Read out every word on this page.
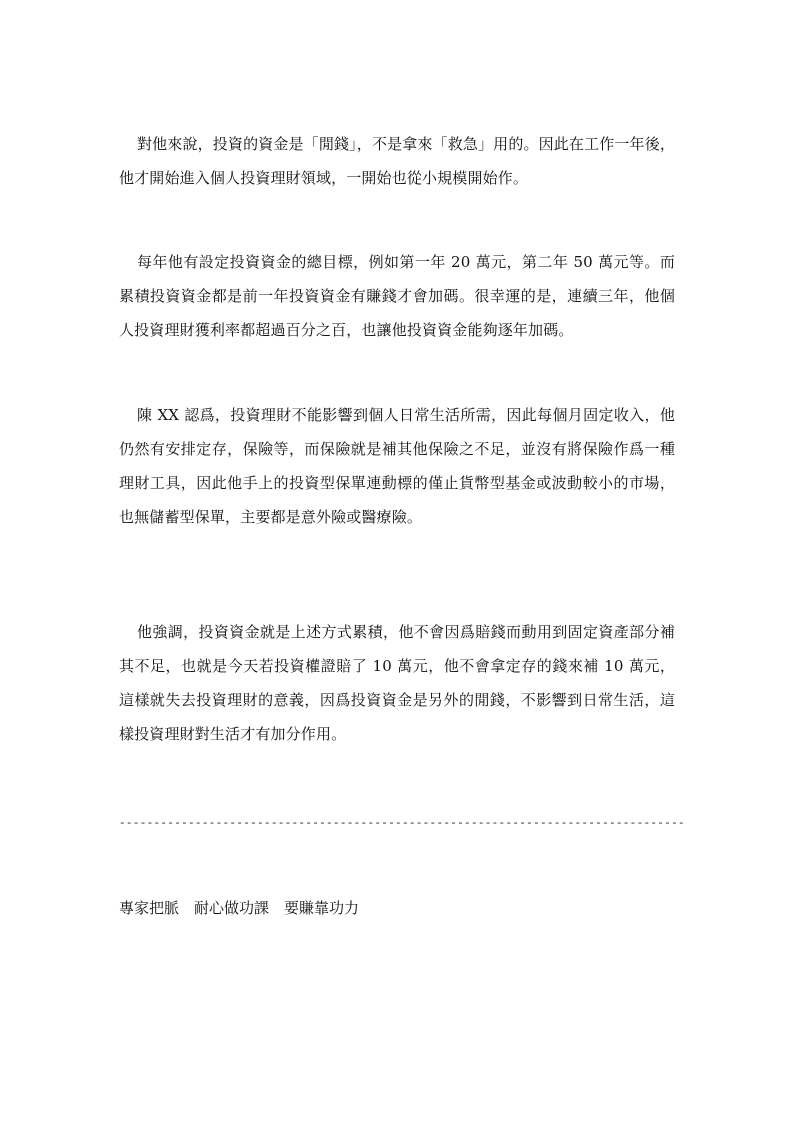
對他來說，投資的資金是「閒錢」，不是拿來「救急」用的。因此在工作一年後，他才開始進入個人投資理財領域，一開始也從小規模開始作。

每年他有設定投資資金的總目標，例如第一年 20 萬元，第二年 50 萬元等。而累積投資資金都是前一年投資資金有賺錢才會加碼。很幸運的是，連續三年，他個人投資理財獲利率都超過百分之百，也讓他投資資金能夠逐年加碼。

陳 XX 認爲，投資理財不能影響到個人日常生活所需，因此每個月固定收入，他仍然有安排定存，保險等，而保險就是補其他保險之不足，並沒有將保險作爲一種理財工具，因此他手上的投資型保單連動標的僅止貨幣型基金或波動較小的市場，也無儲蓄型保單，主要都是意外險或醫療險。

他強調，投資資金就是上述方式累積，他不會因爲賠錢而動用到固定資產部分補其不足，也就是今天若投資權證賠了 10 萬元，他不會拿定存的錢來補 10 萬元，這樣就失去投資理財的意義，因爲投資資金是另外的閒錢，不影響到日常生活，這樣投資理財對生活才有加分作用。

----------------------------------------------------------------------------------
專家把脈　耐心做功課　要賺靠功力
